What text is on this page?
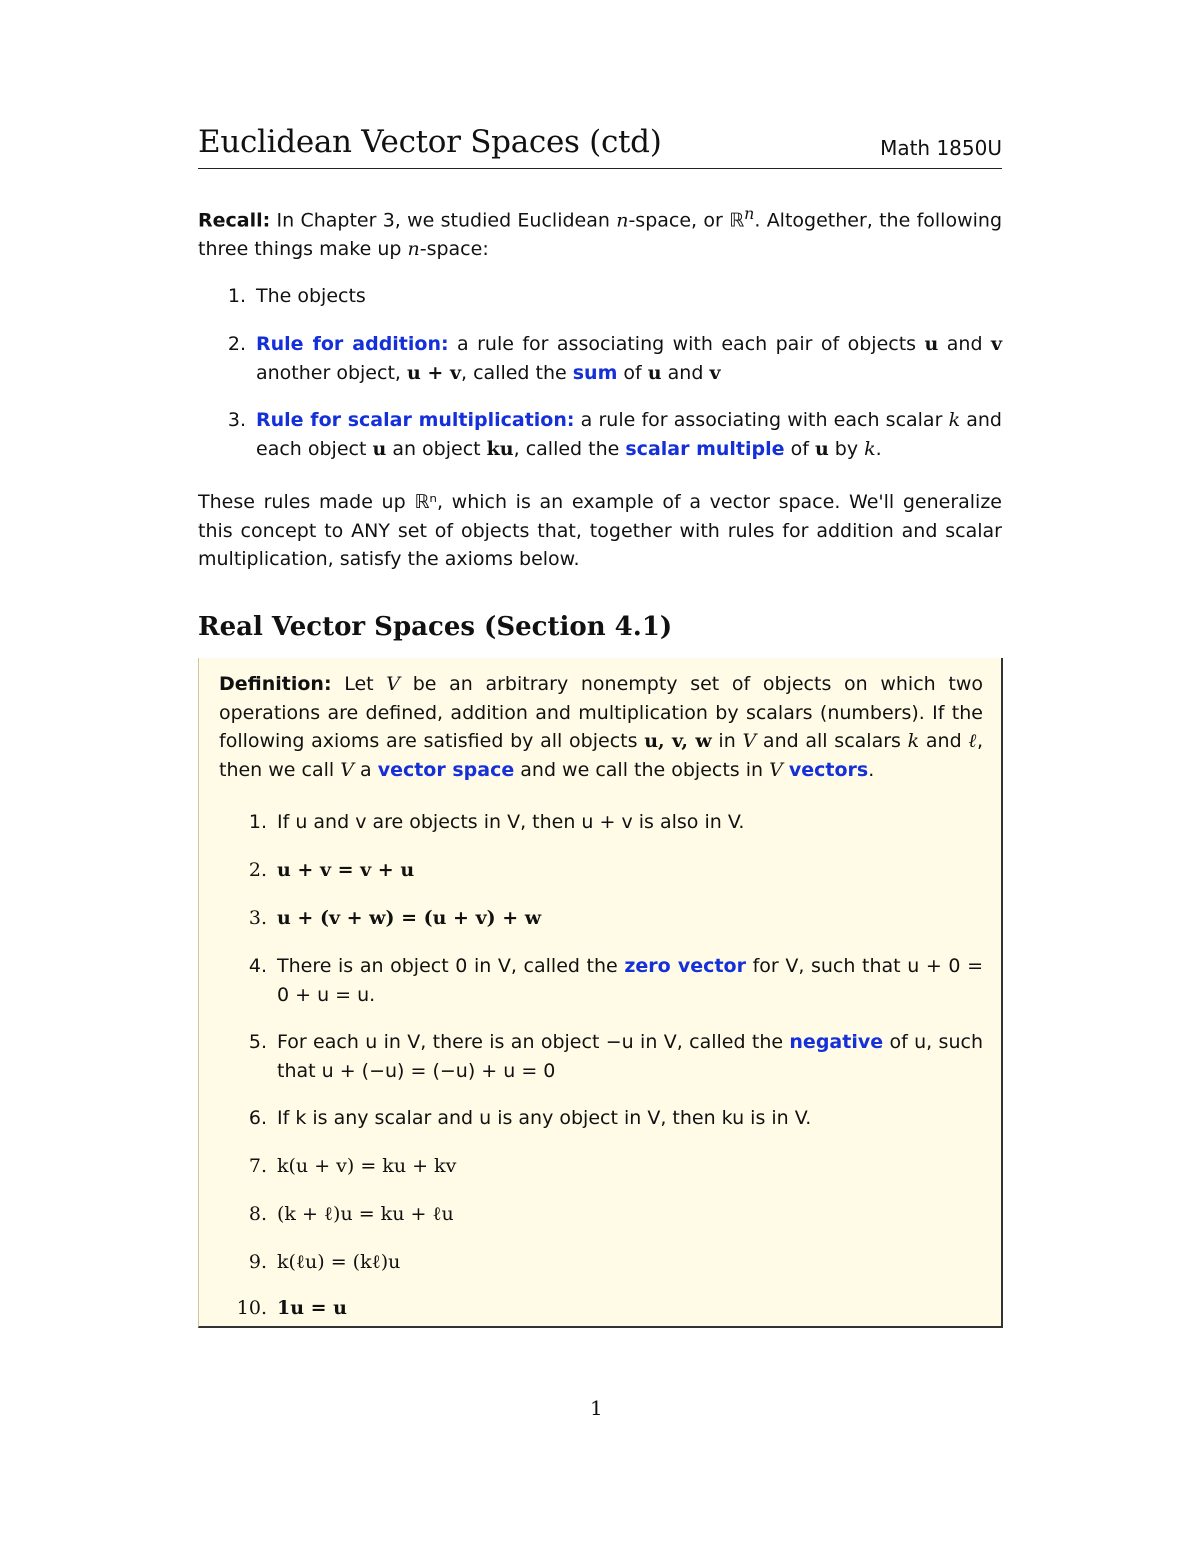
Euclidean Vector Spaces (ctd)	Math 1850U
Recall: In Chapter 3, we studied Euclidean n-space, or ℝ$^n$. Altogether, the following three things make up n-space:
1. The objects
2. Rule for addition: a rule for associating with each pair of objects u and v another object, u + v, called the sum of u and v
3. Rule for scalar multiplication: a rule for associating with each scalar k and each object u an object ku, called the scalar multiple of u by k.
These rules made up ℝⁿ, which is an example of a vector space. We'll generalize this concept to ANY set of objects that, together with rules for addition and scalar multiplication, satisfy the axioms below.
Real Vector Spaces (Section 4.1)
Definition: Let V be an arbitrary nonempty set of objects on which two operations are defined, addition and multiplication by scalars (numbers). If the following axioms are satisfied by all objects u, v, w in V and all scalars k and ℓ, then we call V a vector space and we call the objects in V vectors.
1. If u and v are objects in V, then u + v is also in V.
2. u + v = v + u
3. u + (v + w) = (u + v) + w
4. There is an object 0 in V, called the zero vector for V, such that u + 0 = 0 + u = u.
5. For each u in V, there is an object −u in V, called the negative of u, such that u + (−u) = (−u) + u = 0
6. If k is any scalar and u is any object in V, then ku is in V.
7. k(u + v) = ku + kv
8. (k + ℓ)u = ku + ℓu
9. k(ℓu) = (kℓ)u
10. 1u = u
1
